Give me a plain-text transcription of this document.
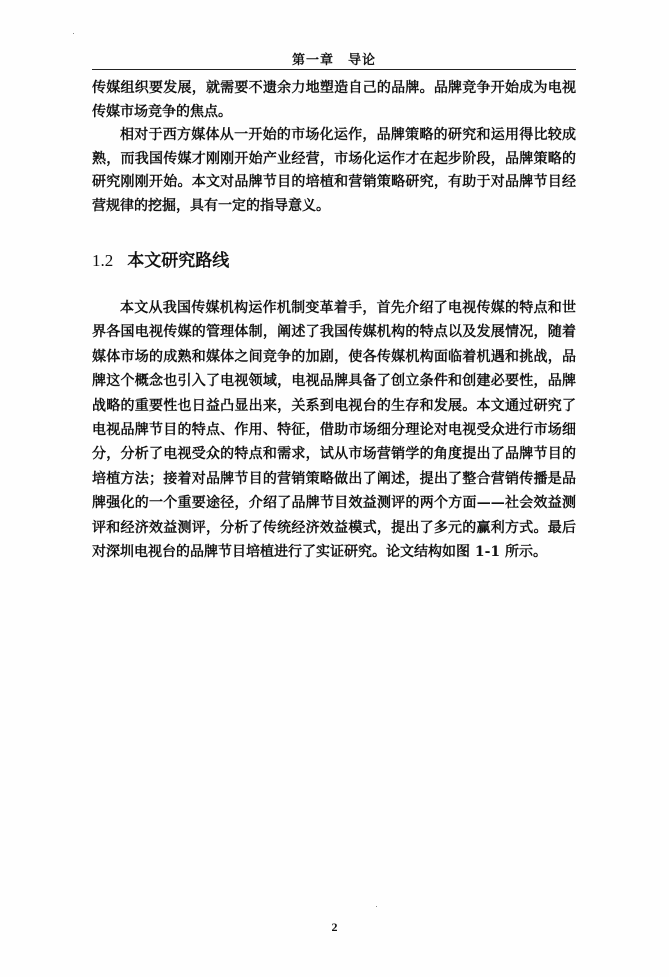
第一章　导论

传媒组织要发展，就需要不遗余力地塑造自己的品牌。品牌竞争开始成为电视传媒市场竞争的焦点。

相对于西方媒体从一开始的市场化运作，品牌策略的研究和运用得比较成熟，而我国传媒才刚刚开始产业经营，市场化运作才在起步阶段，品牌策略的研究刚刚开始。本文对品牌节目的培植和营销策略研究，有助于对品牌节目经营规律的挖掘，具有一定的指导意义。

1.2 本文研究路线

本文从我国传媒机构运作机制变革着手，首先介绍了电视传媒的特点和世界各国电视传媒的管理体制，阐述了我国传媒机构的特点以及发展情况，随着媒体市场的成熟和媒体之间竞争的加剧，使各传媒机构面临着机遇和挑战，品牌这个概念也引入了电视领域，电视品牌具备了创立条件和创建必要性，品牌战略的重要性也日益凸显出来，关系到电视台的生存和发展。本文通过研究了电视品牌节目的特点、作用、特征，借助市场细分理论对电视受众进行市场细分，分析了电视受众的特点和需求，试从市场营销学的角度提出了品牌节目的培植方法；接着对品牌节目的营销策略做出了阐述，提出了整合营销传播是品牌强化的一个重要途径，介绍了品牌节目效益测评的两个方面——社会效益测评和经济效益测评，分析了传统经济效益模式，提出了多元的赢利方式。最后对深圳电视台的品牌节目培植进行了实证研究。论文结构如图 1-1 所示。

2
